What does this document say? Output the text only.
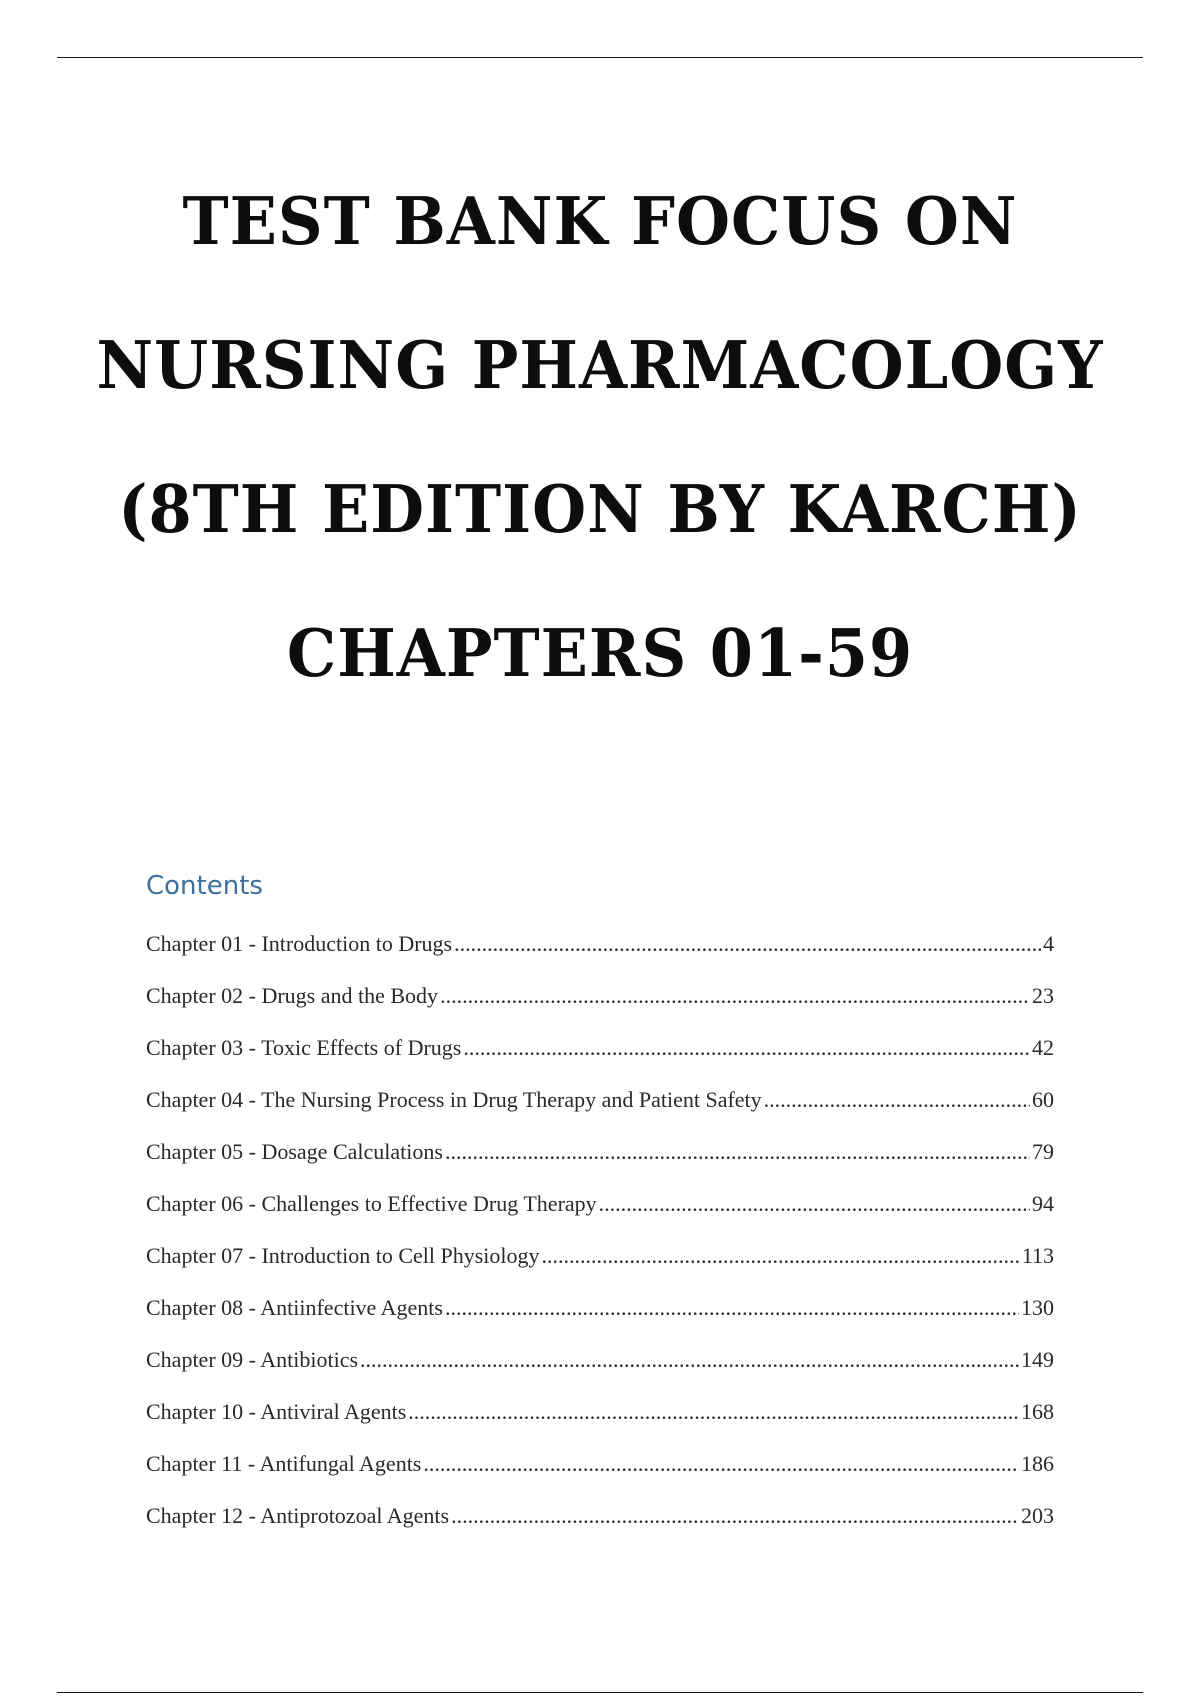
TEST BANK FOCUS ON
NURSING PHARMACOLOGY
(8TH EDITION BY KARCH)
CHAPTERS 01-59
Contents
Chapter 01 - Introduction to Drugs .....	4
Chapter 02 - Drugs and the Body .....	23
Chapter 03 - Toxic Effects of Drugs .....	42
Chapter 04 - The Nursing Process in Drug Therapy and Patient Safety .....	60
Chapter 05 - Dosage Calculations .....	79
Chapter 06 - Challenges to Effective Drug Therapy .....	94
Chapter 07 - Introduction to Cell Physiology .....	113
Chapter 08 - Antiinfective Agents .....	130
Chapter 09 - Antibiotics .....	149
Chapter 10 - Antiviral Agents .....	168
Chapter 11 - Antifungal Agents .....	186
Chapter 12 - Antiprotozoal Agents .....	203
